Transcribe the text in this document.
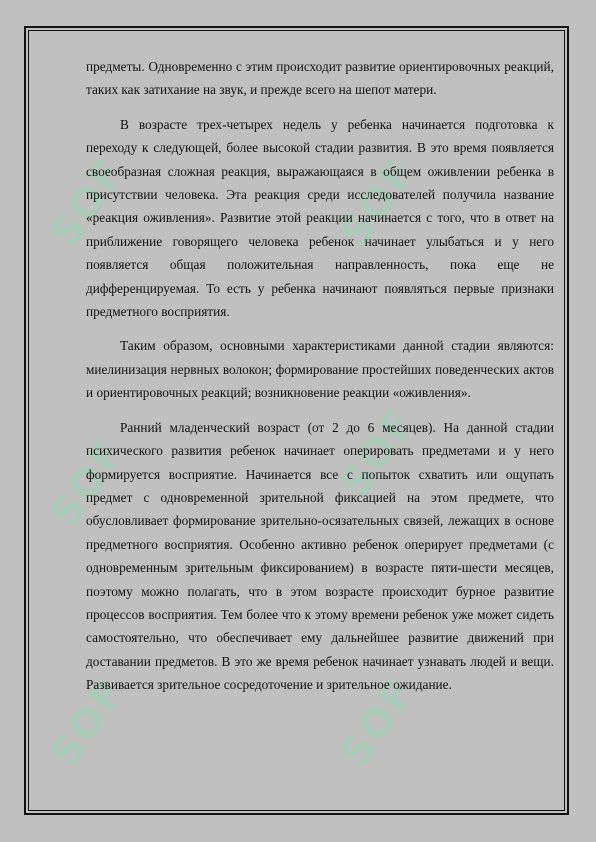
SOF	SOF
SOF	SOF
SOF	SOF

предметы. Одновременно с этим происходит развитие ориентировочных реакций, таких как затихание на звук, и прежде всего на шепот матери.

В возрасте трех-четырех недель у ребенка начинается подготовка к переходу к следующей, более высокой стадии развития. В это время появляется своеобразная сложная реакция, выражающаяся в общем оживлении ребенка в присутствии человека. Эта реакция среди исследователей получила название «реакция оживления». Развитие этой реакции начинается с того, что в ответ на приближение говорящего человека ребенок начинает улыбаться и у него появляется общая положительная направленность, пока еще не дифференцируемая. То есть у ребенка начинают появляться первые признаки предметного восприятия.

Таким образом, основными характеристиками данной стадии являются: миелинизация нервных волокон; формирование простейших поведенческих актов и ориентировочных реакций; возникновение реакции «оживления».

Ранний младенческий возраст (от 2 до 6 месяцев). На данной стадии психического развития ребенок начинает оперировать предметами и у него формируется восприятие. Начинается все с попыток схватить или ощупать предмет с одновременной зрительной фиксацией на этом предмете, что обусловливает формирование зрительно-осязательных связей, лежащих в основе предметного восприятия. Особенно активно ребенок оперирует предметами (с одновременным зрительным фиксированием) в возрасте пяти-шести месяцев, поэтому можно полагать, что в этом возрасте происходит бурное развитие процессов восприятия. Тем более что к этому времени ребенок уже может сидеть самостоятельно, что обеспечивает ему дальнейшее развитие движений при доставании предметов. В это же время ребенок начинает узнавать людей и вещи. Развивается зрительное сосредоточение и зрительное ожидание.
